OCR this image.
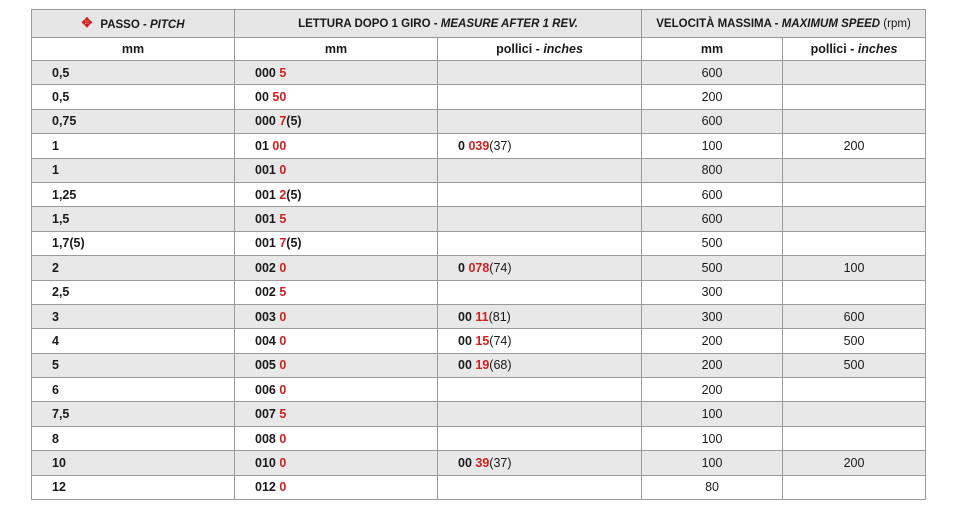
✥ PASSO - PITCH	LETTURA DOPO 1 GIRO - MEASURE AFTER 1 REV.		VELOCITÀ MASSIMA - MAXIMUM SPEED (rpm)	
mm	mm	pollici - inches	mm	pollici - inches
0,5	000 5		600	
0,5	00 50		200	
0,75	000 7(5)		600	
1	01 00	0 039(37)	100	200
1	001 0		800	
1,25	001 2(5)		600	
1,5	001 5		600	
1,7(5)	001 7(5)		500	
2	002 0	0 078(74)	500	100
2,5	002 5		300	
3	003 0	00 11(81)	300	600
4	004 0	00 15(74)	200	500
5	005 0	00 19(68)	200	500
6	006 0		200	
7,5	007 5		100	
8	008 0		100	
10	010 0	00 39(37)	100	200
12	012 0		80	
